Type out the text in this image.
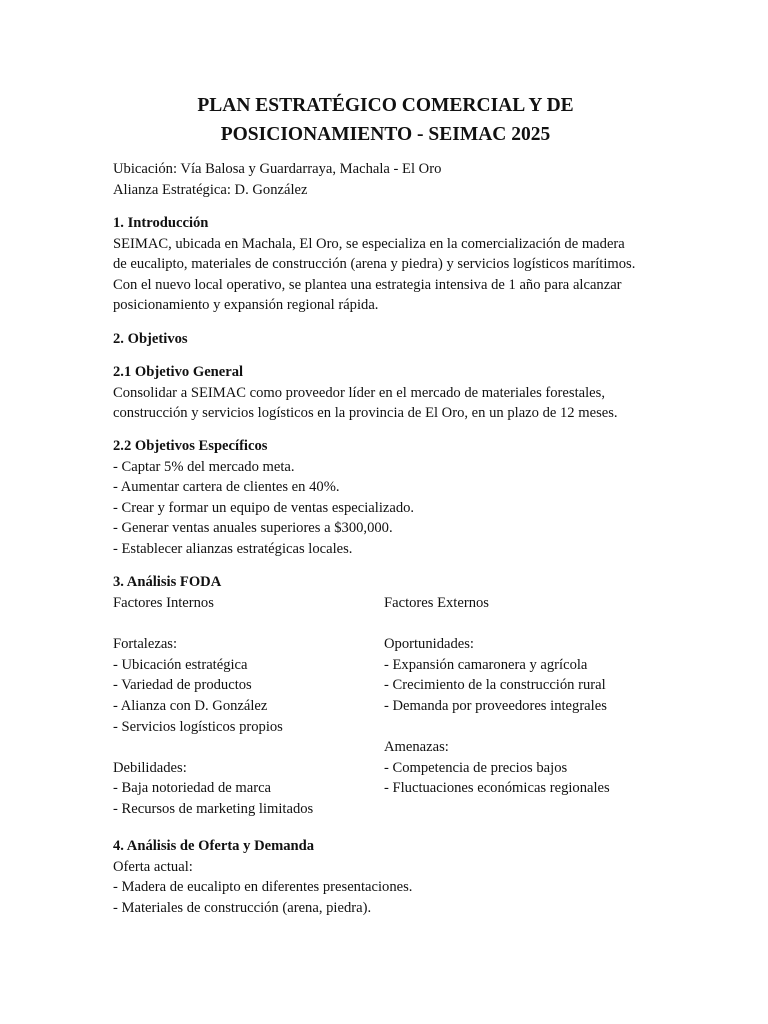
PLAN ESTRATÉGICO COMERCIAL Y DE
POSICIONAMIENTO - SEIMAC 2025
Ubicación: Vía Balosa y Guardarraya, Machala - El Oro
Alianza Estratégica: D. González
1. Introducción
SEIMAC, ubicada en Machala, El Oro, se especializa en la comercialización de madera
de eucalipto, materiales de construcción (arena y piedra) y servicios logísticos marítimos.
Con el nuevo local operativo, se plantea una estrategia intensiva de 1 año para alcanzar
posicionamiento y expansión regional rápida.
2. Objetivos
2.1 Objetivo General
Consolidar a SEIMAC como proveedor líder en el mercado de materiales forestales,
construcción y servicios logísticos en la provincia de El Oro, en un plazo de 12 meses.
2.2 Objetivos Específicos
- Captar 5% del mercado meta.
- Aumentar cartera de clientes en 40%.
- Crear y formar un equipo de ventas especializado.
- Generar ventas anuales superiores a $300,000.
- Establecer alianzas estratégicas locales.
3. Análisis FODA
Factores Internos

Fortalezas:
- Ubicación estratégica
- Variedad de productos
- Alianza con D. González
- Servicios logísticos propios

Debilidades:
- Baja notoriedad de marca
- Recursos de marketing limitados
Factores Externos

Oportunidades:
- Expansión camaronera y agrícola
- Crecimiento de la construcción rural
- Demanda por proveedores integrales

Amenazas:
- Competencia de precios bajos
- Fluctuaciones económicas regionales
4. Análisis de Oferta y Demanda
Oferta actual:
- Madera de eucalipto en diferentes presentaciones.
- Materiales de construcción (arena, piedra).
